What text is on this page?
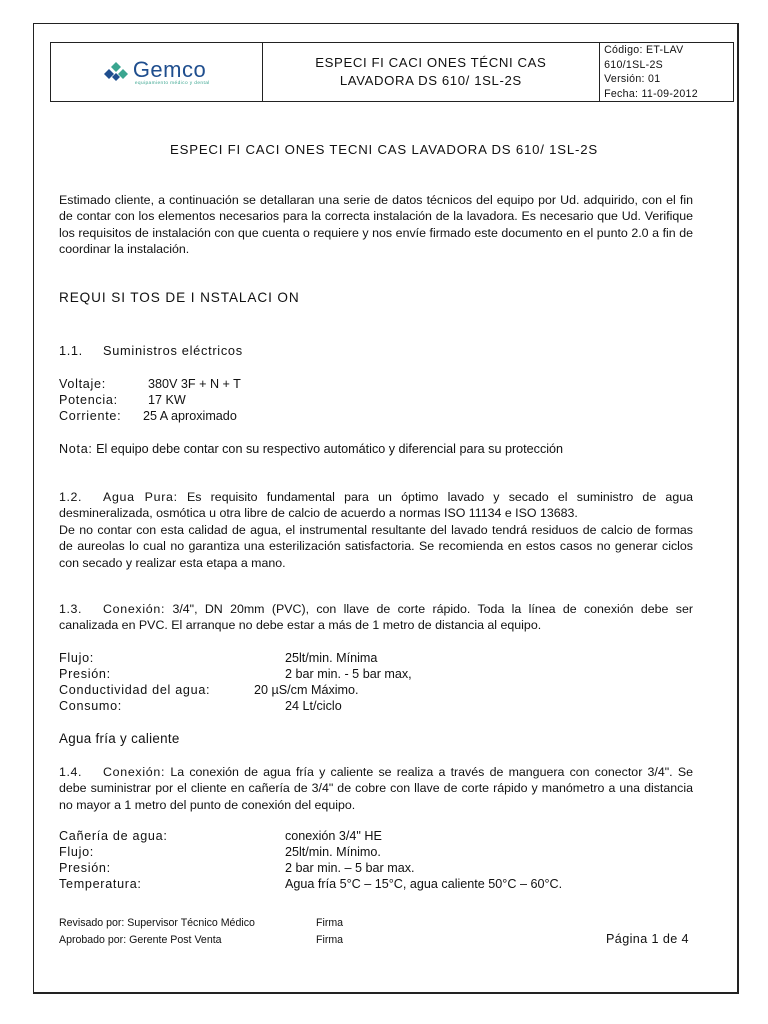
Gemco
equipamiento médico y dental

ESPECI FI CACI ONES TÉCNI CAS
LAVADORA DS 610/ 1SL-2S

Código: ET-LAV
610/1SL-2S
Versión: 01
Fecha: 11-09-2012
ESPECI FI CACI ONES TECNI CAS LAVADORA DS 610/ 1SL-2S

Estimado cliente, a continuación se detallaran una serie de datos técnicos del equipo por Ud. adquirido, con el fin de contar con los elementos necesarios para la correcta instalación de la lavadora. Es necesario que Ud. Verifique los requisitos de instalación con que cuenta o requiere y nos envíe firmado este documento en el punto 2.0 a fin de coordinar la instalación.

REQUI SI TOS DE I NSTALACI ON
1.1. Suministros eléctricos
Voltaje:	380V 3F + N + T
Potencia: 17 KW
Corriente: 25 A aproximado
Nota: El equipo debe contar con su respectivo automático y diferencial para su protección

1.2. Agua Pura: Es requisito fundamental para un óptimo lavado y secado el suministro de agua desmineralizada, osmótica u otra libre de calcio de acuerdo a normas ISO 11134 e ISO 13683.
De no contar con esta calidad de agua, el instrumental resultante del lavado tendrá residuos de calcio de formas de aureolas lo cual no garantiza una esterilización satisfactoria. Se recomienda en estos casos no generar ciclos con secado y realizar esta etapa a mano.

1.3. Conexión: 3/4", DN 20mm (PVC), con llave de corte rápido. Toda la línea de conexión debe ser canalizada en PVC. El arranque no debe estar a más de 1 metro de distancia al equipo.

Flujo:	25lt/min. Mínima
Presión:	2 bar min. - 5 bar max,
Conductividad del agua:	20 µS/cm Máximo.
Consumo:	24 Lt/ciclo
Agua fría y caliente

1.4. Conexión: La conexión de agua fría y caliente se realiza a través de manguera con conector 3/4". Se debe suministrar por el cliente en cañería de 3/4" de cobre con llave de corte rápido y manómetro a una distancia no mayor a 1 metro del punto de conexión del equipo.

Cañería de agua:	conexión 3/4" HE
Flujo:	25lt/min. Mínimo.
Presión:	2 bar min. – 5 bar max.
Temperatura:	Agua fría 5°C – 15°C, agua caliente 50°C – 60°C.
Revisado por: Supervisor Técnico Médico	Firma
Aprobado por: Gerente Post Venta	Firma	Página 1 de 4
